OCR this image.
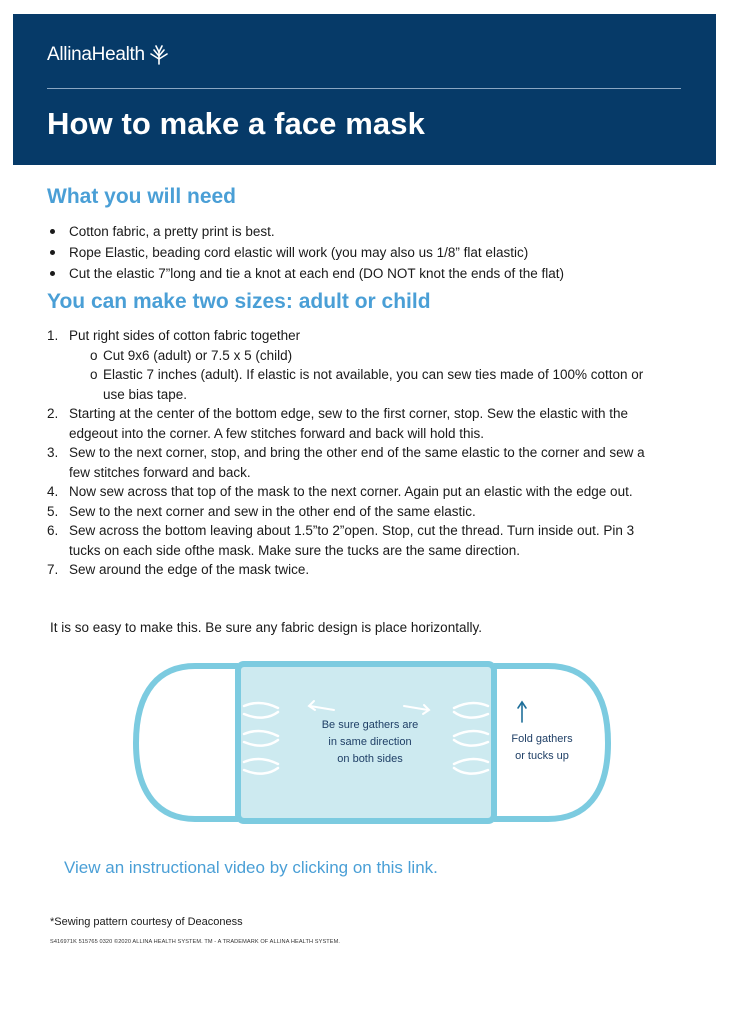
AllinaHealth
How to make a face mask
What you will need
Cotton fabric, a pretty print is best.
Rope Elastic, beading cord elastic will work (you may also us 1/8” flat elastic)
Cut the elastic 7”long and tie a knot at each end (DO NOT knot the ends of the flat)
You can make two sizes: adult or child
1. Put right sides of cotton fabric together
o Cut 9x6 (adult) or 7.5 x 5 (child)
o Elastic 7 inches (adult). If elastic is not available, you can sew ties made of 100% cotton or use bias tape.
2. Starting at the center of the bottom edge, sew to the first corner, stop. Sew the elastic with the edgeout into the corner. A few stitches forward and back will hold this.
3. Sew to the next corner, stop, and bring the other end of the same elastic to the corner and sew a few stitches forward and back.
4. Now sew across that top of the mask to the next corner. Again put an elastic with the edge out.
5. Sew to the next corner and sew in the other end of the same elastic.
6. Sew across the bottom leaving about 1.5”to 2”open. Stop, cut the thread. Turn inside out. Pin 3 tucks on each side ofthe mask. Make sure the tucks are the same direction.
7. Sew around the edge of the mask twice.

It is so easy to make this. Be sure any fabric design is place horizontally.

Be sure gathers are
in same direction
on both sides
Fold gathers
or tucks up
View an instructional video by clicking on this link.

*Sewing pattern courtesy of Deaconess

S416971K 515765 0320 ©2020 ALLINA HEALTH SYSTEM. TM - A TRADEMARK OF ALLINA HEALTH SYSTEM.
